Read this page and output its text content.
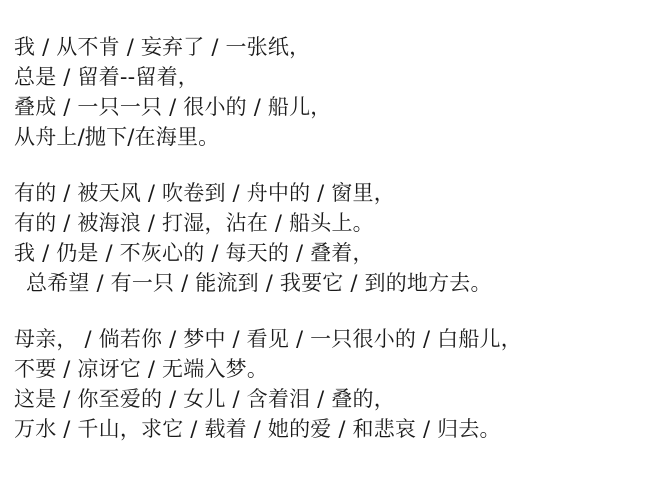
我 / 从不肯 / 妄弃了 / 一张纸，
总是 / 留着--留着，
叠成 / 一只一只 / 很小的 / 船儿，
从舟上/抛下/在海里。
有的 / 被天风 / 吹卷到 / 舟中的 / 窗里，
有的 / 被海浪 / 打湿，沾在 / 船头上。
我 / 仍是 / 不灰心的 / 每天的 / 叠着，
总希望 / 有一只 / 能流到 / 我要它 / 到的地方去。
母亲， / 倘若你 / 梦中 / 看见 / 一只很小的 / 白船儿，
不要 / 凉讶它 / 无端入梦。
这是 / 你至爱的 / 女儿 / 含着泪 / 叠的，
万水 / 千山，求它 / 载着 / 她的爱 / 和悲哀 / 归去。
